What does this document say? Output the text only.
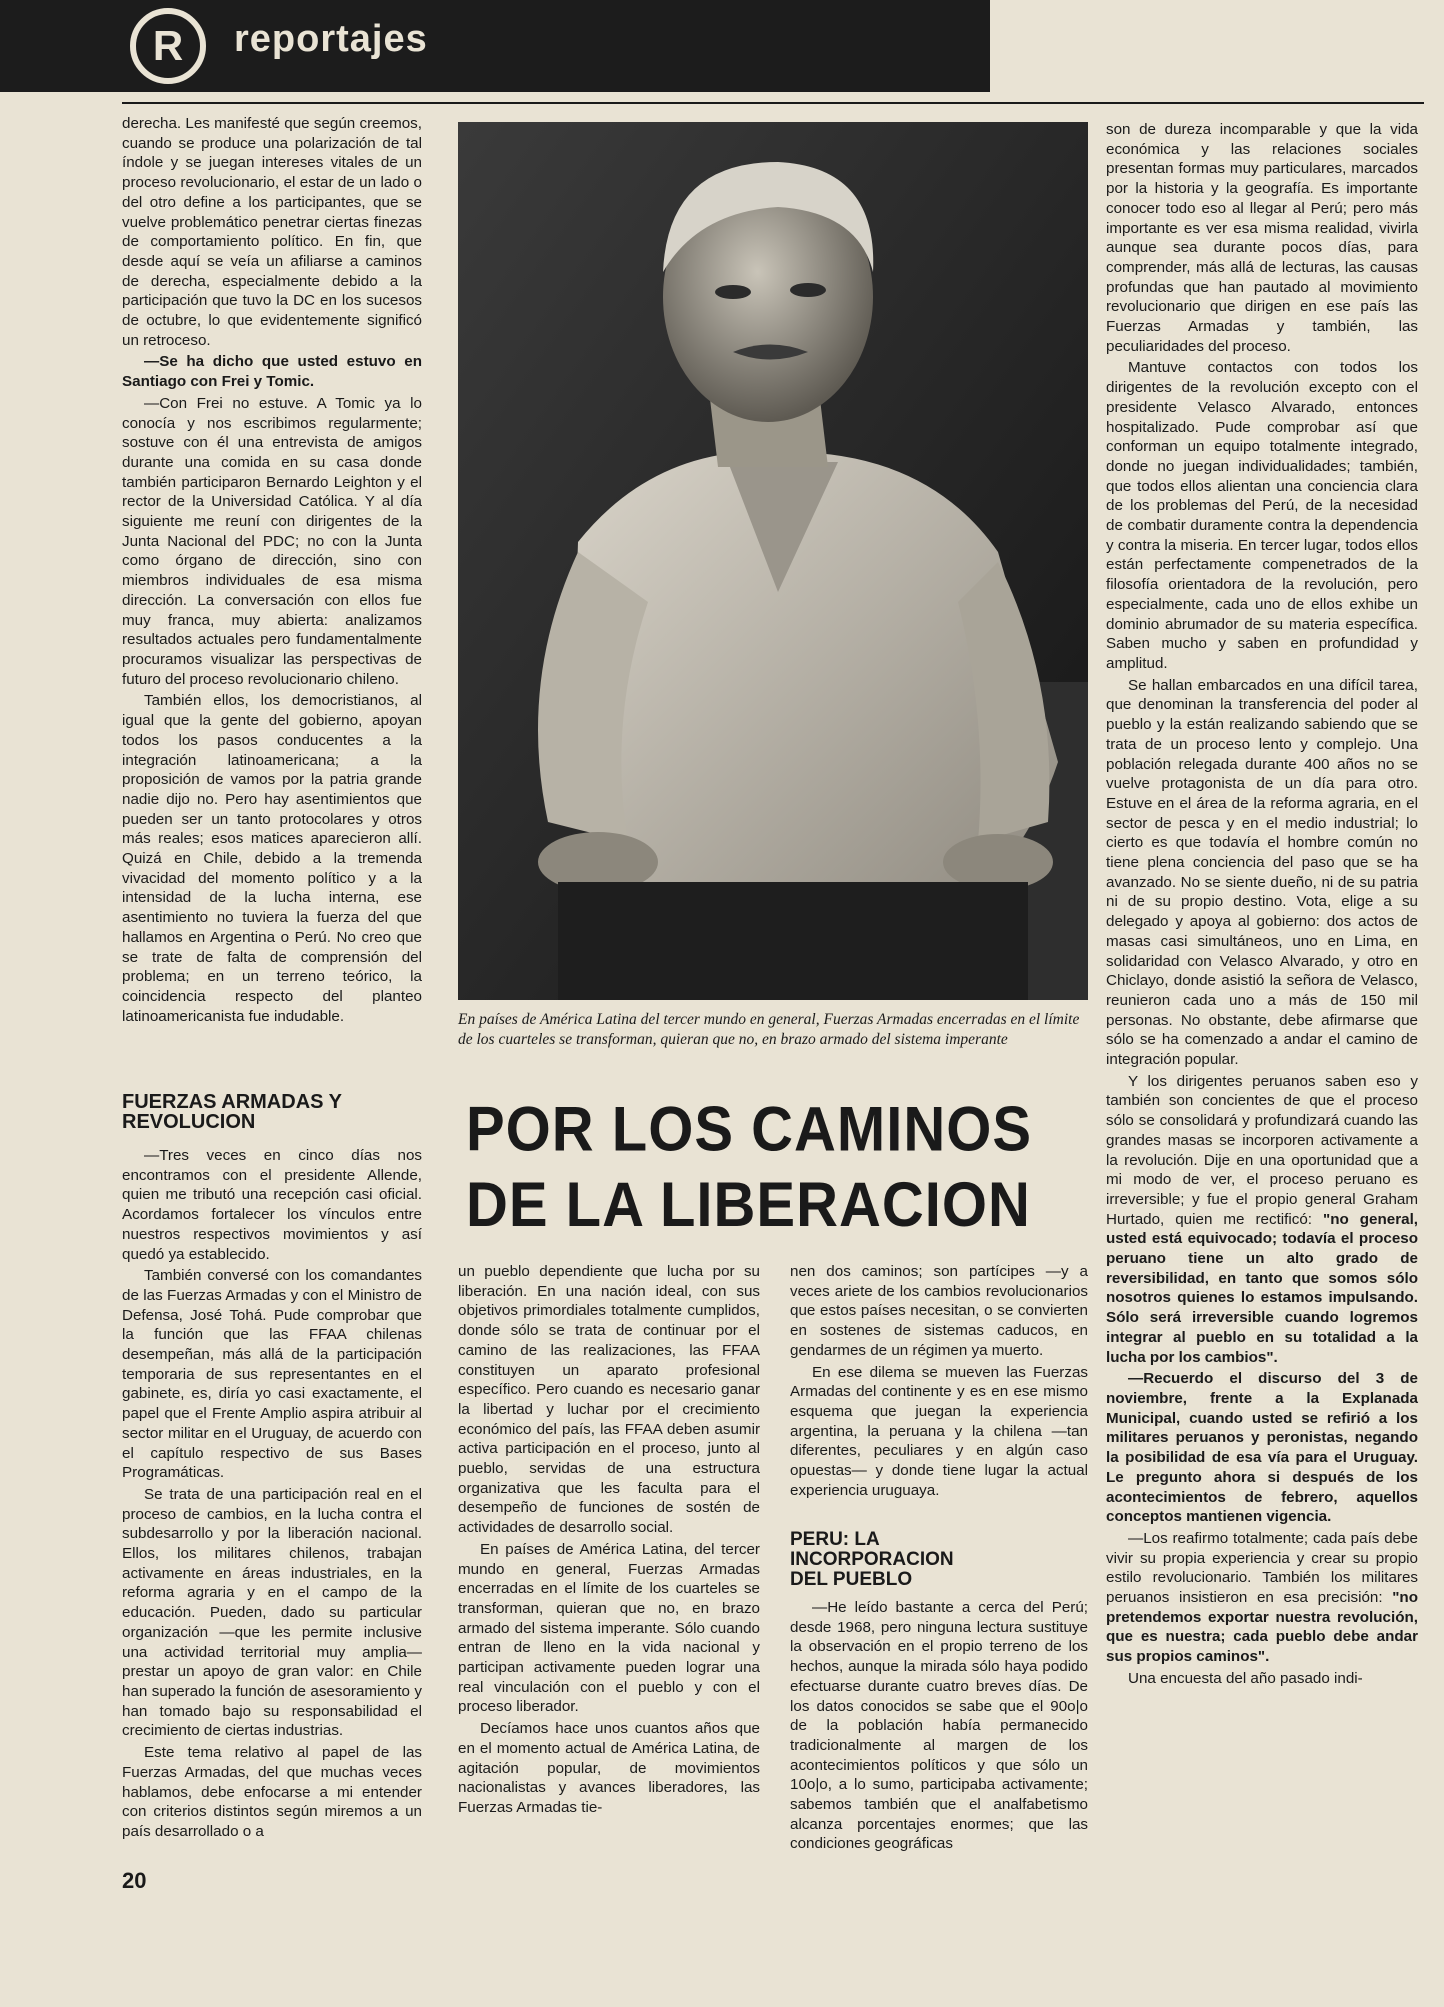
R reportajes

derecha. Les manifesté que según creemos, cuando se produce una polarización de tal índole y se juegan intereses vitales de un proceso revolucionario, el estar de un lado o del otro define a los participantes, que se vuelve problemático penetrar ciertas finezas de comportamiento político. En fin, que desde aquí se veía un afiliarse a caminos de derecha, especialmente debido a la participación que tuvo la DC en los sucesos de octubre, lo que evidentemente significó un retroceso.

—Se ha dicho que usted estuvo en Santiago con Frei y Tomic.

—Con Frei no estuve. A Tomic ya lo conocía y nos escribimos regularmente; sostuve con él una entrevista de amigos durante una comida en su casa donde también participaron Bernardo Leighton y el rector de la Universidad Católica. Y al día siguiente me reuní con dirigentes de la Junta Nacional del PDC; no con la Junta como órgano de dirección, sino con miembros individuales de esa misma dirección. La conversación con ellos fue muy franca, muy abierta: analizamos resultados actuales pero fundamentalmente procuramos visualizar las perspectivas de futuro del proceso revolucionario chileno.

También ellos, los democristianos, al igual que la gente del gobierno, apoyan todos los pasos conducentes a la integración latinoamericana; a la proposición de vamos por la patria grande nadie dijo no. Pero hay asentimientos que pueden ser un tanto protocolares y otros más reales; esos matices aparecieron allí. Quizá en Chile, debido a la tremenda vivacidad del momento político y a la intensidad de la lucha interna, ese asentimiento no tuviera la fuerza del que hallamos en Argentina o Perú. No creo que se trate de falta de comprensión del problema; en un terreno teórico, la coincidencia respecto del planteo latinoamericanista fue indudable.

FUERZAS ARMADAS Y REVOLUCION

—Tres veces en cinco días nos encontramos con el presidente Allende, quien me tributó una recepción casi oficial. Acordamos fortalecer los vínculos entre nuestros respectivos movimientos y así quedó ya establecido.

También conversé con los comandantes de las Fuerzas Armadas y con el Ministro de Defensa, José Tohá. Pude comprobar que la función que las FFAA chilenas desempeñan, más allá de la participación temporaria de sus representantes en el gabinete, es, diría yo casi exactamente, el papel que el Frente Amplio aspira atribuir al sector militar en el Uruguay, de acuerdo con el capítulo respectivo de sus Bases Programáticas.

Se trata de una participación real en el proceso de cambios, en la lucha contra el subdesarrollo y por la liberación nacional. Ellos, los militares chilenos, trabajan activamente en áreas industriales, en la reforma agraria y en el campo de la educación. Pueden, dado su particular organización —que les permite inclusive una actividad territorial muy amplia— prestar un apoyo de gran valor: en Chile han superado la función de asesoramiento y han tomado bajo su responsabilidad el crecimiento de ciertas industrias.

Este tema relativo al papel de las Fuerzas Armadas, del que muchas veces hablamos, debe enfocarse a mi entender con criterios distintos según miremos a un país desarrollado o a

En países de América Latina del tercer mundo en general, Fuerzas Armadas encerradas en el límite de los cuarteles se transforman, quieran que no, en brazo armado del sistema imperante
POR LOS CAMINOS
DE LA LIBERACION

un pueblo dependiente que lucha por su liberación. En una nación ideal, con sus objetivos primordiales totalmente cumplidos, donde sólo se trata de continuar por el camino de las realizaciones, las FFAA constituyen un aparato profesional específico. Pero cuando es necesario ganar la libertad y luchar por el crecimiento económico del país, las FFAA deben asumir activa participación en el proceso, junto al pueblo, servidas de una estructura organizativa que les faculta para el desempeño de funciones de sostén de actividades de desarrollo social.

En países de América Latina, del tercer mundo en general, Fuerzas Armadas encerradas en el límite de los cuarteles se transforman, quieran que no, en brazo armado del sistema imperante. Sólo cuando entran de lleno en la vida nacional y participan activamente pueden lograr una real vinculación con el pueblo y con el proceso liberador.

Decíamos hace unos cuantos años que en el momento actual de América Latina, de agitación popular, de movimientos nacionalistas y avances liberadores, las Fuerzas Armadas tie-

nen dos caminos; son partícipes —y a veces ariete de los cambios revolucionarios que estos países necesitan, o se convierten en sostenes de sistemas caducos, en gendarmes de un régimen ya muerto.

En ese dilema se mueven las Fuerzas Armadas del continente y es en ese mismo esquema que juegan la experiencia argentina, la peruana y la chilena —tan diferentes, peculiares y en algún caso opuestas— y donde tiene lugar la actual experiencia uruguaya.

PERU: LA INCORPORACION DEL PUEBLO

—He leído bastante a cerca del Perú; desde 1968, pero ninguna lectura sustituye la observación en el propio terreno de los hechos, aunque la mirada sólo haya podido efectuarse durante cuatro breves días. De los datos conocidos se sabe que el 90o|o de la población había permanecido tradicionalmente al margen de los acontecimientos políticos y que sólo un 10o|o, a lo sumo, participaba activamente; sabemos también que el analfabetismo alcanza porcentajes enormes; que las condiciones geográficas

son de dureza incomparable y que la vida económica y las relaciones sociales presentan formas muy particulares, marcados por la historia y la geografía. Es importante conocer todo eso al llegar al Perú; pero más importante es ver esa misma realidad, vivirla aunque sea durante pocos días, para comprender, más allá de lecturas, las causas profundas que han pautado al movimiento revolucionario que dirigen en ese país las Fuerzas Armadas y también, las peculiaridades del proceso.

Mantuve contactos con todos los dirigentes de la revolución excepto con el presidente Velasco Alvarado, entonces hospitalizado. Pude comprobar así que conforman un equipo totalmente integrado, donde no juegan individualidades; también, que todos ellos alientan una conciencia clara de los problemas del Perú, de la necesidad de combatir duramente contra la dependencia y contra la miseria. En tercer lugar, todos ellos están perfectamente compenetrados de la filosofía orientadora de la revolución, pero especialmente, cada uno de ellos exhibe un dominio abrumador de su materia específica. Saben mucho y saben en profundidad y amplitud.

Se hallan embarcados en una difícil tarea, que denominan la transferencia del poder al pueblo y la están realizando sabiendo que se trata de un proceso lento y complejo. Una población relegada durante 400 años no se vuelve protagonista de un día para otro. Estuve en el área de la reforma agraria, en el sector de pesca y en el medio industrial; lo cierto es que todavía el hombre común no tiene plena conciencia del paso que se ha avanzado. No se siente dueño, ni de su patria ni de su propio destino. Vota, elige a su delegado y apoya al gobierno: dos actos de masas casi simultáneos, uno en Lima, en solidaridad con Velasco Alvarado, y otro en Chiclayo, donde asistió la señora de Velasco, reunieron cada uno a más de 150 mil personas. No obstante, debe afirmarse que sólo se ha comenzado a andar el camino de integración popular.

Y los dirigentes peruanos saben eso y también son concientes de que el proceso sólo se consolidará y profundizará cuando las grandes masas se incorporen activamente a la revolución. Dije en una oportunidad que a mi modo de ver, el proceso peruano es irreversible; y fue el propio general Graham Hurtado, quien me rectificó: "no general, usted está equivocado; todavía el proceso peruano tiene un alto grado de reversibilidad, en tanto que somos sólo nosotros quienes lo estamos impulsando. Sólo será irreversible cuando logremos integrar al pueblo en su totalidad a la lucha por los cambios".

—Recuerdo el discurso del 3 de noviembre, frente a la Explanada Municipal, cuando usted se refirió a los militares peruanos y peronistas, negando la posibilidad de esa vía para el Uruguay. Le pregunto ahora si después de los acontecimientos de febrero, aquellos conceptos mantienen vigencia.

—Los reafirmo totalmente; cada país debe vivir su propia experiencia y crear su propio estilo revolucionario. También los militares peruanos insistieron en esa precisión: "no pretendemos exportar nuestra revolución, que es nuestra; cada pueblo debe andar sus propios caminos".

Una encuesta del año pasado indi-

20
